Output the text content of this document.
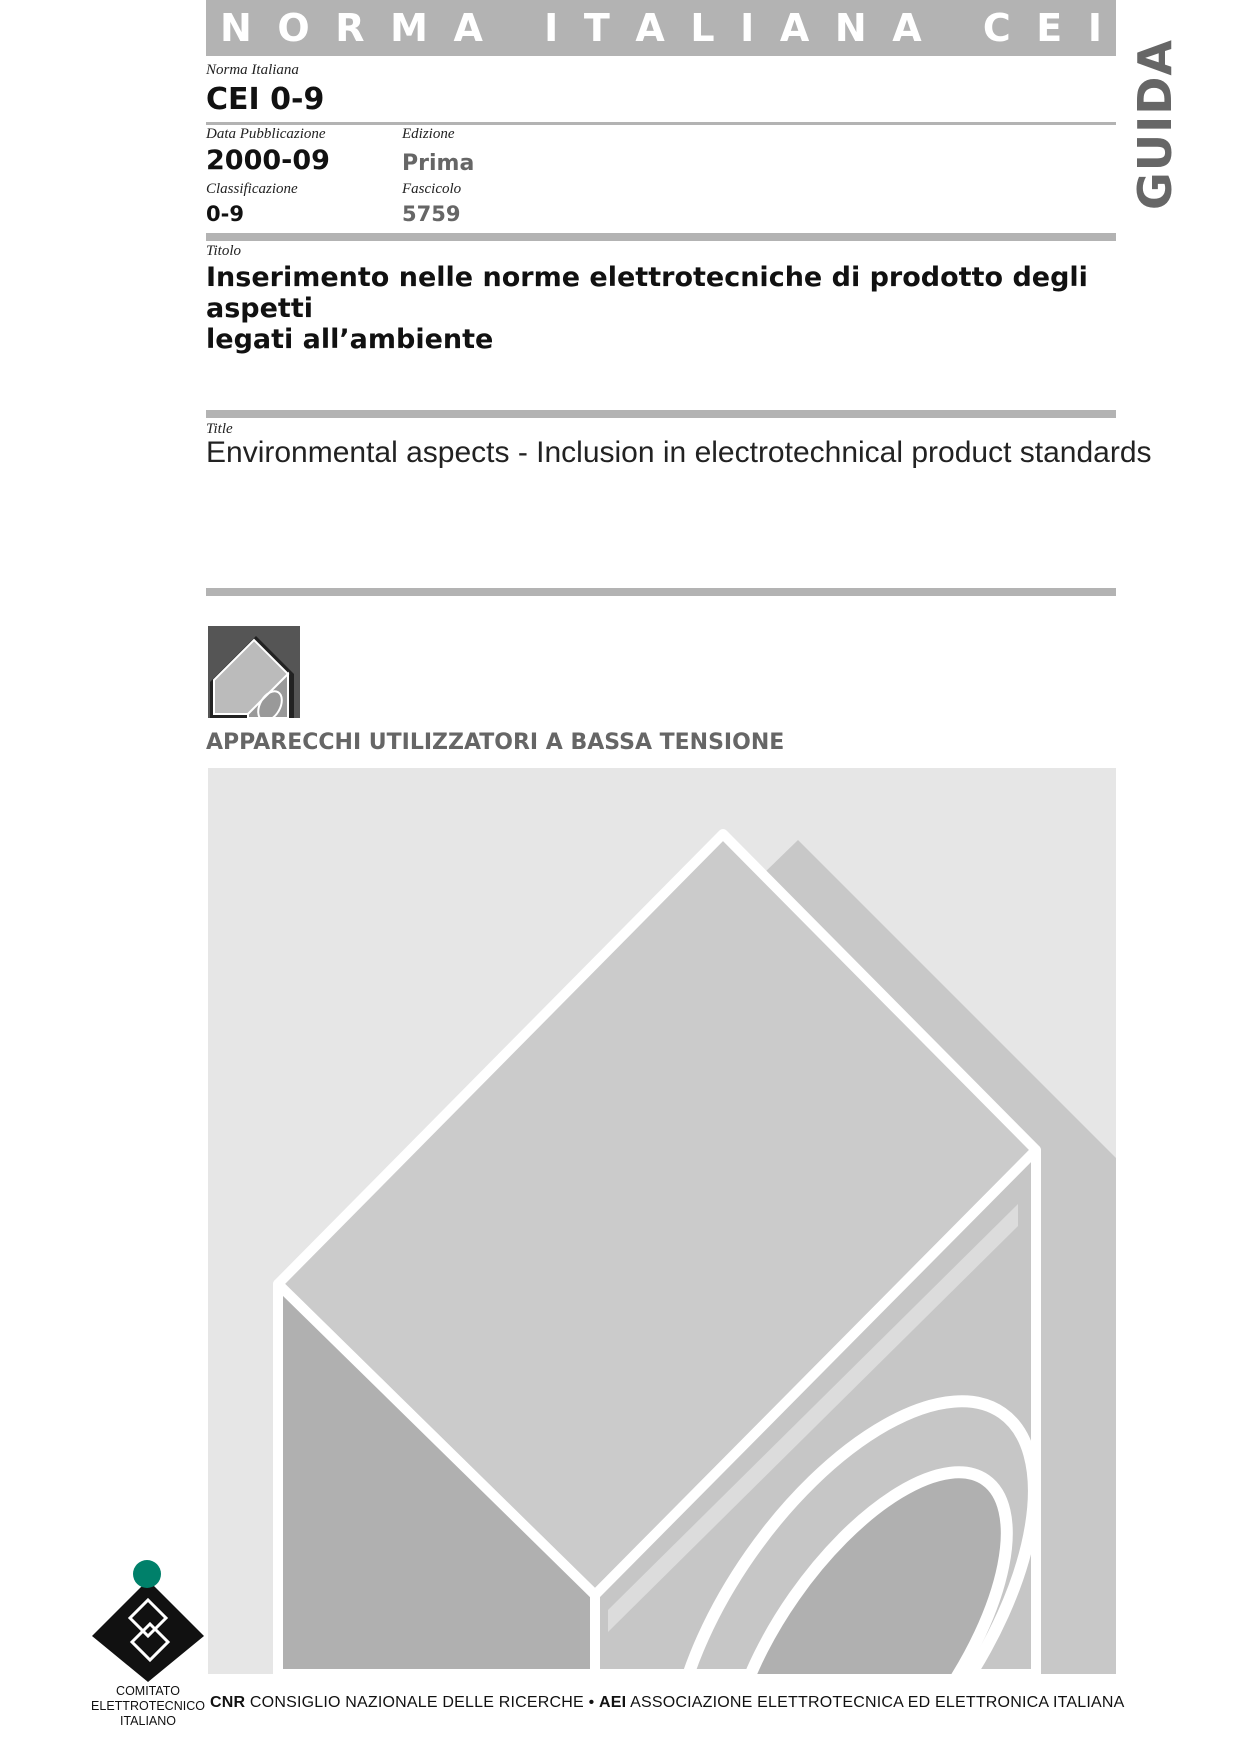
N O R M A I T A L I A N A C E I
Norma Italiana
CEI 0-9
Data Pubblicazione
2000-09
Edizione
Prima
Classificazione
0-9
Fascicolo
5759
GUIDA
Titolo
Inserimento nelle norme elettrotecniche di prodotto degli aspetti
legati all’ambiente
Title
Environmental aspects - Inclusion in electrotechnical product standards
APPARECCHI UTILIZZATORI A BASSA TENSIONE
COMITATO
ELETTROTECNICO
ITALIANO
CNR CONSIGLIO NAZIONALE DELLE RICERCHE • AEI ASSOCIAZIONE ELETTROTECNICA ED ELETTRONICA ITALIANA
